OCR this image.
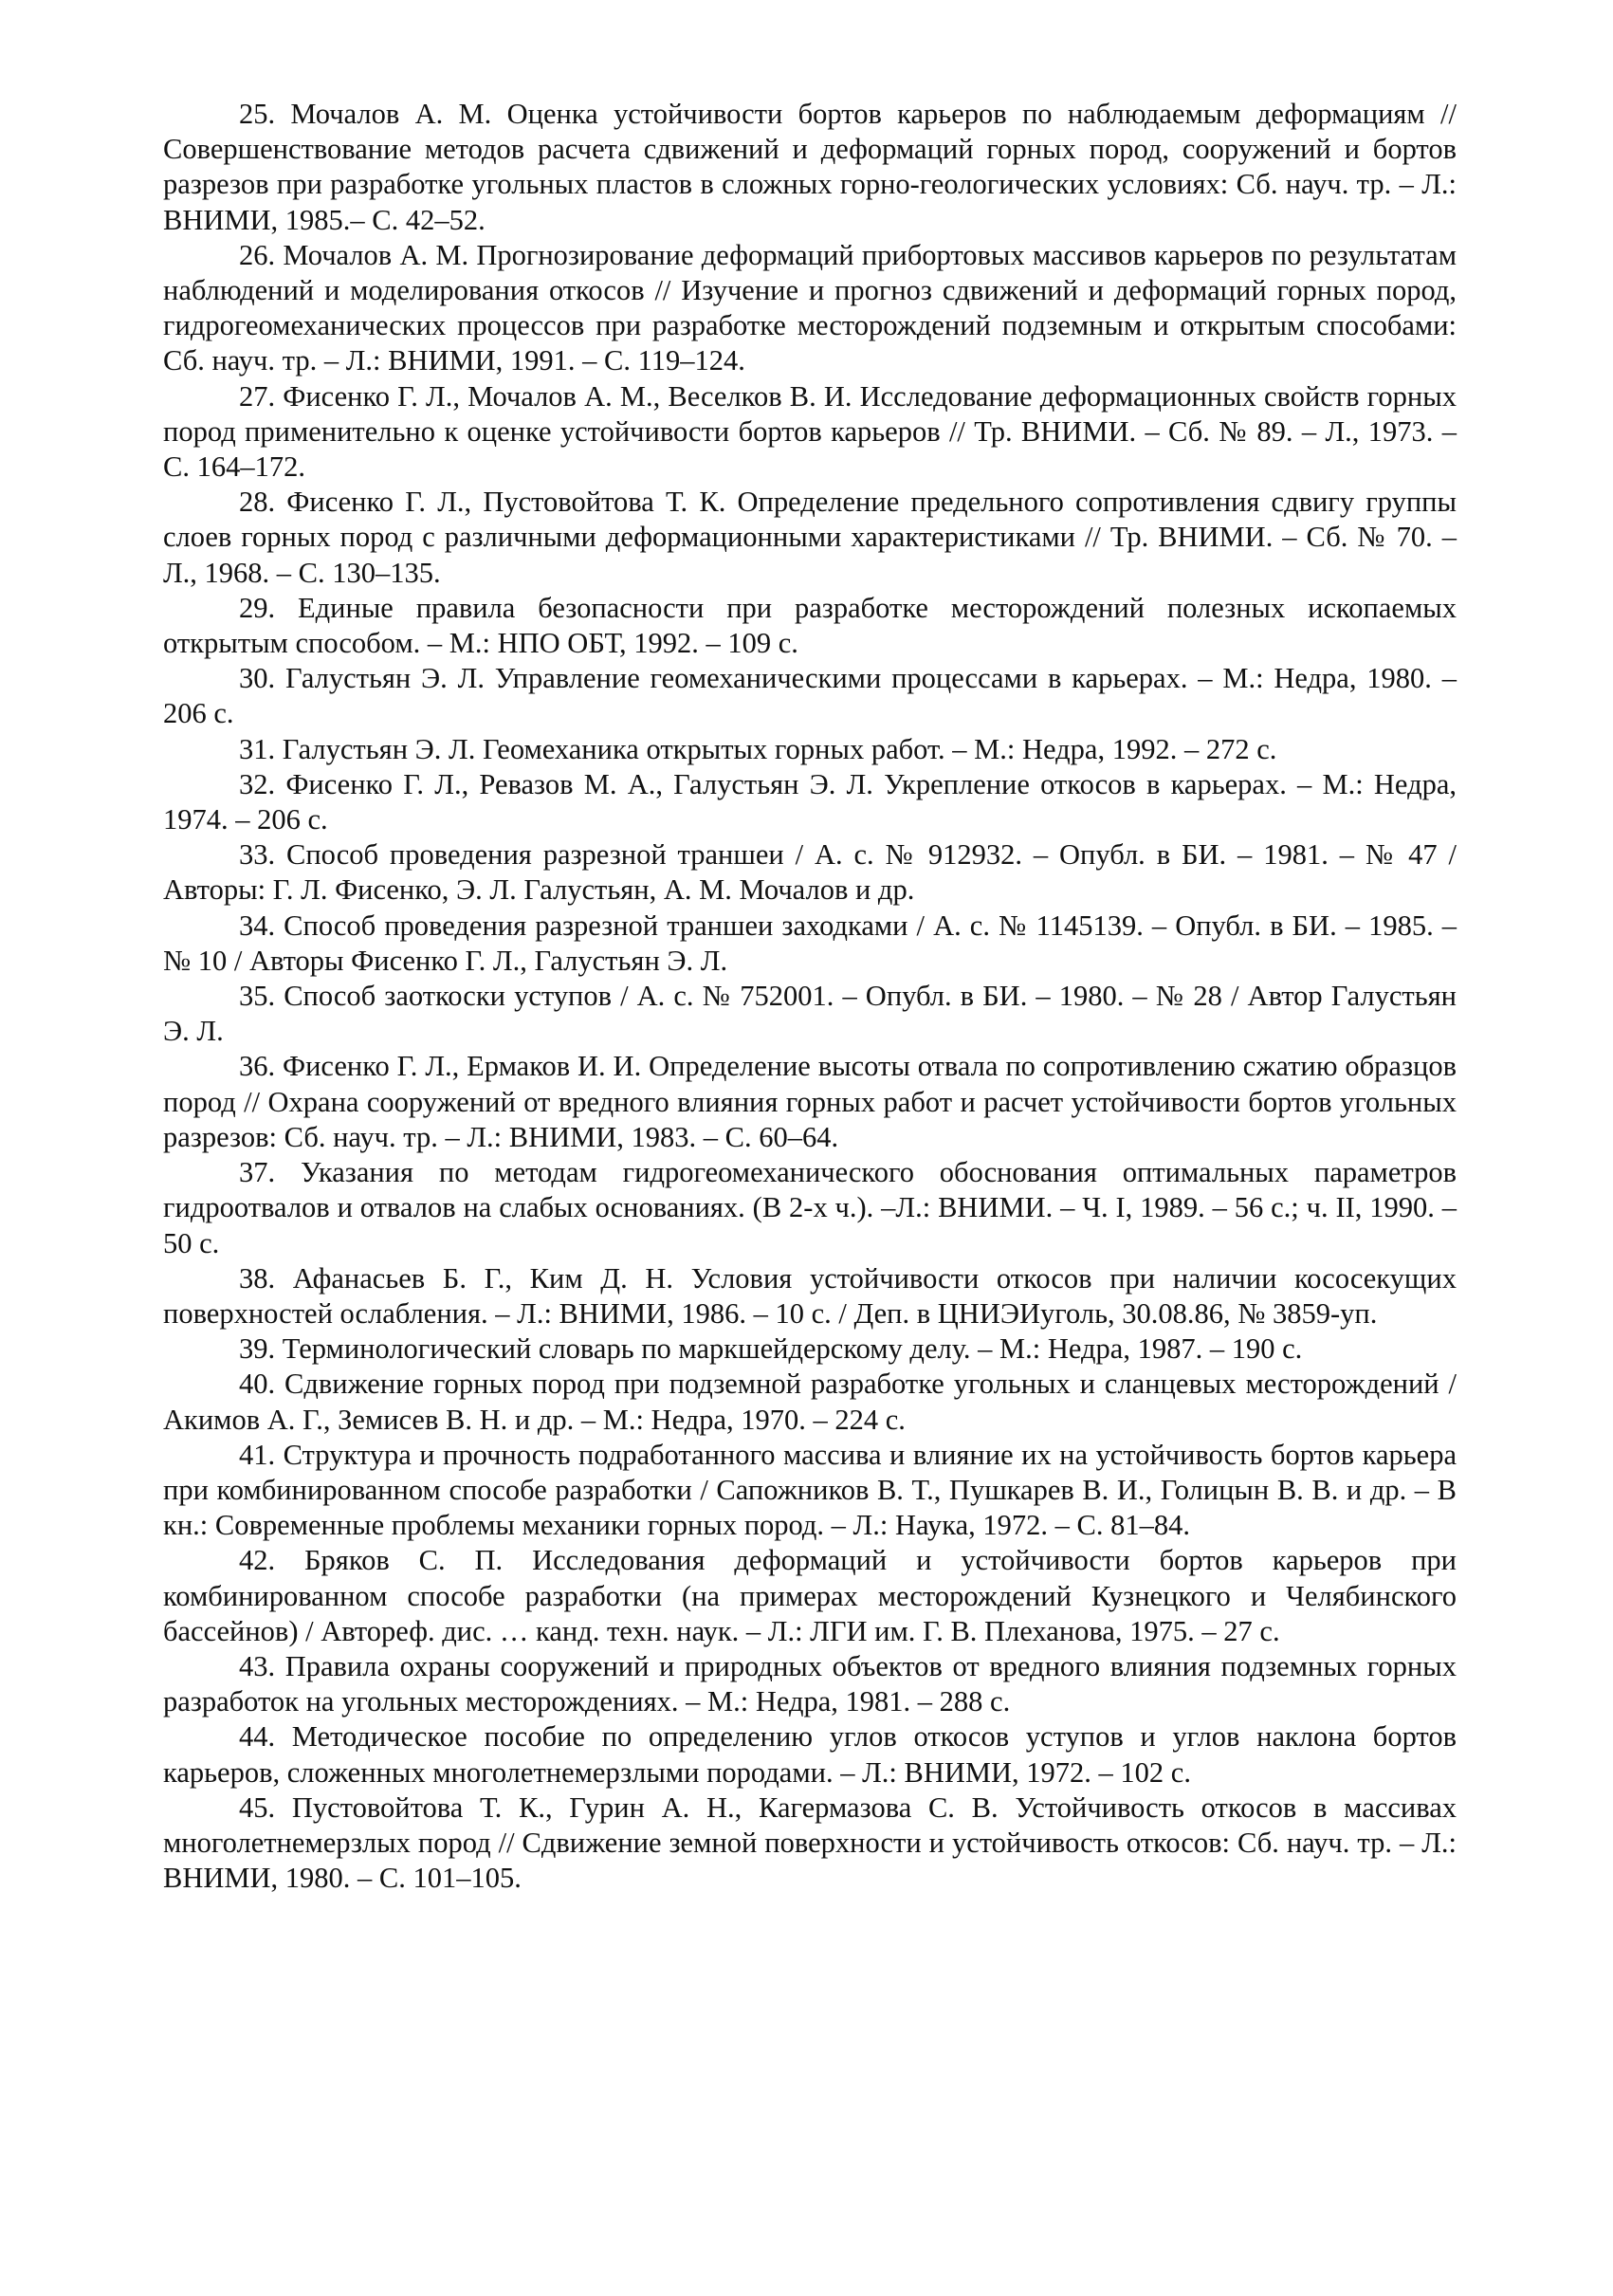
25. Мочалов А. М. Оценка устойчивости бортов карьеров по наблюдаемым деформациям // Совершенствование методов расчета сдвижений и деформаций горных пород, сооружений и бортов разрезов при разработке угольных пластов в сложных горно-геологических условиях: Сб. науч. тр. – Л.: ВНИМИ, 1985.– С. 42–52.
26. Мочалов А. М. Прогнозирование деформаций прибортовых массивов карьеров по результатам наблюдений и моделирования откосов // Изучение и прогноз сдвижений и деформаций горных пород, гидрогеомеханических процессов при разработке месторождений подземным и открытым способами: Сб. науч. тр. – Л.: ВНИМИ, 1991. – С. 119–124.
27. Фисенко Г. Л., Мочалов А. М., Веселков В. И. Исследование деформационных свойств горных пород применительно к оценке устойчивости бортов карьеров // Тр. ВНИМИ. – Сб. № 89. – Л., 1973. – С. 164–172.
28. Фисенко Г. Л., Пустовойтова Т. К. Определение предельного сопротивления сдвигу группы слоев горных пород с различными деформационными характеристиками // Тр. ВНИМИ. – Сб. № 70. – Л., 1968. – С. 130–135.
29. Единые правила безопасности при разработке месторождений полезных ископаемых открытым способом. – М.: НПО ОБТ, 1992. – 109 с.
30. Галустьян Э. Л. Управление геомеханическими процессами в карьерах. – М.: Недра, 1980. – 206 с.
31. Галустьян Э. Л. Геомеханика открытых горных работ. – М.: Недра, 1992. – 272 с.
32. Фисенко Г. Л., Ревазов М. А., Галустьян Э. Л. Укрепление откосов в карьерах. – М.: Недра, 1974. – 206 с.
33. Способ проведения разрезной траншеи / А. с. № 912932. – Опубл. в БИ. – 1981. – № 47 / Авторы: Г. Л. Фисенко, Э. Л. Галустьян, А. М. Мочалов и др.
34. Способ проведения разрезной траншеи заходками / А. с. № 1145139. – Опубл. в БИ. – 1985. – № 10 / Авторы Фисенко Г. Л., Галустьян Э. Л.
35. Способ заоткоски уступов / А. с. № 752001. – Опубл. в БИ. – 1980. – № 28 / Автор Галустьян Э. Л.
36. Фисенко Г. Л., Ермаков И. И. Определение высоты отвала по сопротивлению сжатию образцов пород // Охрана сооружений от вредного влияния горных работ и расчет устойчивости бортов угольных разрезов: Сб. науч. тр. – Л.: ВНИМИ, 1983. – С. 60–64.
37. Указания по методам гидрогеомеханического обоснования оптимальных параметров гидроотвалов и отвалов на слабых основаниях. (В 2-х ч.). –Л.: ВНИМИ. – Ч. I, 1989. – 56 с.; ч. II, 1990. – 50 с.
38. Афанасьев Б. Г., Ким Д. Н. Условия устойчивости откосов при наличии кососекущих поверхностей ослабления. – Л.: ВНИМИ, 1986. – 10 с. / Деп. в ЦНИЭИуголь, 30.08.86, № 3859-уп.
39. Терминологический словарь по маркшейдерскому делу. – М.: Недра, 1987. – 190 с.
40. Сдвижение горных пород при подземной разработке угольных и сланцевых месторождений / Акимов А. Г., Земисев В. Н. и др. – М.: Недра, 1970. – 224 с.
41. Структура и прочность подработанного массива и влияние их на устойчивость бортов карьера при комбинированном способе разработки / Сапожников В. Т., Пушкарев В. И., Голицын В. В. и др. – В кн.: Современные проблемы механики горных пород. – Л.: Наука, 1972. – С. 81–84.
42. Бряков С. П. Исследования деформаций и устойчивости бортов карьеров при комбинированном способе разработки (на примерах месторождений Кузнецкого и Челябинского бассейнов) / Автореф. дис. … канд. техн. наук. – Л.: ЛГИ им. Г. В. Плеханова, 1975. – 27 с.
43. Правила охраны сооружений и природных объектов от вредного влияния подземных горных разработок на угольных месторождениях. – М.: Недра, 1981. – 288 с.
44. Методическое пособие по определению углов откосов уступов и углов наклона бортов карьеров, сложенных многолетнемерзлыми породами. – Л.: ВНИМИ, 1972. – 102 с.
45. Пустовойтова Т. К., Гурин А. Н., Кагермазова С. В. Устойчивость откосов в массивах многолетнемерзлых пород // Сдвижение земной поверхности и устойчивость откосов: Сб. науч. тр. – Л.: ВНИМИ, 1980. – С. 101–105.
